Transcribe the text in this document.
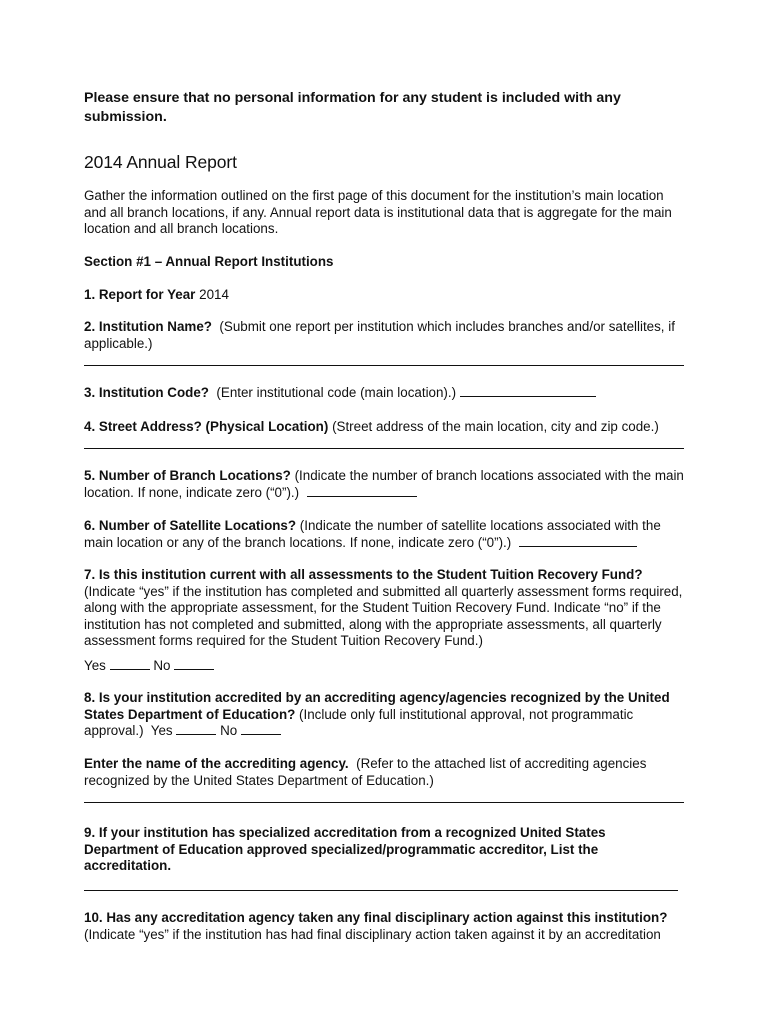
Please ensure that no personal information for any student is included with any submission.

2014 Annual Report

Gather the information outlined on the first page of this document for the institution’s main location and all branch locations, if any. Annual report data is institutional data that is aggregate for the main location and all branch locations.

Section #1 – Annual Report Institutions

1. Report for Year 2014

2. Institution Name? (Submit one report per institution which includes branches and/or satellites, if applicable.)

3. Institution Code? (Enter institutional code (main location).)

4. Street Address? (Physical Location) (Street address of the main location, city and zip code.)

5. Number of Branch Locations? (Indicate the number of branch locations associated with the main location. If none, indicate zero (“0”).)

6. Number of Satellite Locations? (Indicate the number of satellite locations associated with the main location or any of the branch locations. If none, indicate zero (“0”).)

7. Is this institution current with all assessments to the Student Tuition Recovery Fund? (Indicate “yes” if the institution has completed and submitted all quarterly assessment forms required, along with the appropriate assessment, for the Student Tuition Recovery Fund. Indicate “no” if the institution has not completed and submitted, along with the appropriate assessments, all quarterly assessment forms required for the Student Tuition Recovery Fund.)

Yes	No

8. Is your institution accredited by an accrediting agency/agencies recognized by the United States Department of Education? (Include only full institutional approval, not programmatic approval.) Yes	No

Enter the name of the accrediting agency. (Refer to the attached list of accrediting agencies recognized by the United States Department of Education.)

9. If your institution has specialized accreditation from a recognized United States Department of Education approved specialized/programmatic accreditor, List the accreditation.

10. Has any accreditation agency taken any final disciplinary action against this institution? (Indicate “yes” if the institution has had final disciplinary action taken against it by an accreditation
